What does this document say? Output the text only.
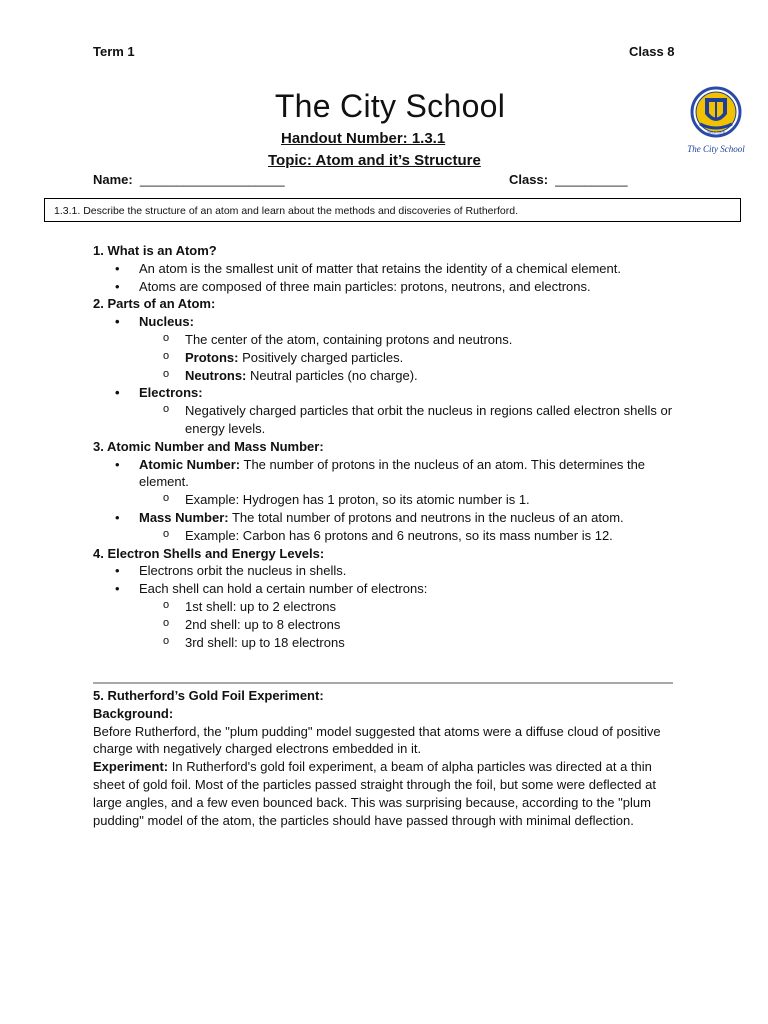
Term 1	Class 8
The City School
Handout Number: 1.3.1
Topic: Atom and it’s Structure
Name: ____________________	Class: __________
Since 1978
The City School
1.3.1. Describe the structure of an atom and learn about the methods and discoveries of Rutherford.

1. What is an Atom?

• An atom is the smallest unit of matter that retains the identity of a chemical element.

• Atoms are composed of three main particles: protons, neutrons, and electrons.

2. Parts of an Atom:

• Nucleus:

o The center of the atom, containing protons and neutrons.

o Protons: Positively charged particles.

o Neutrons: Neutral particles (no charge).

• Electrons:

o Negatively charged particles that orbit the nucleus in regions called electron shells or energy levels.

3. Atomic Number and Mass Number:

• Atomic Number: The number of protons in the nucleus of an atom. This determines the element.

o Example: Hydrogen has 1 proton, so its atomic number is 1.

• Mass Number: The total number of protons and neutrons in the nucleus of an atom.

o Example: Carbon has 6 protons and 6 neutrons, so its mass number is 12.

4. Electron Shells and Energy Levels:

• Electrons orbit the nucleus in shells.

• Each shell can hold a certain number of electrons:

o 1st shell: up to 2 electrons

o 2nd shell: up to 8 electrons

o 3rd shell: up to 18 electrons

5. Rutherford’s Gold Foil Experiment:

Background:

Before Rutherford, the "plum pudding" model suggested that atoms were a diffuse cloud of positive charge with negatively charged electrons embedded in it.

Experiment: In Rutherford's gold foil experiment, a beam of alpha particles was directed at a thin sheet of gold foil. Most of the particles passed straight through the foil, but some were deflected at large angles, and a few even bounced back. This was surprising because, according to the "plum pudding" model of the atom, the particles should have passed through with minimal deflection.
